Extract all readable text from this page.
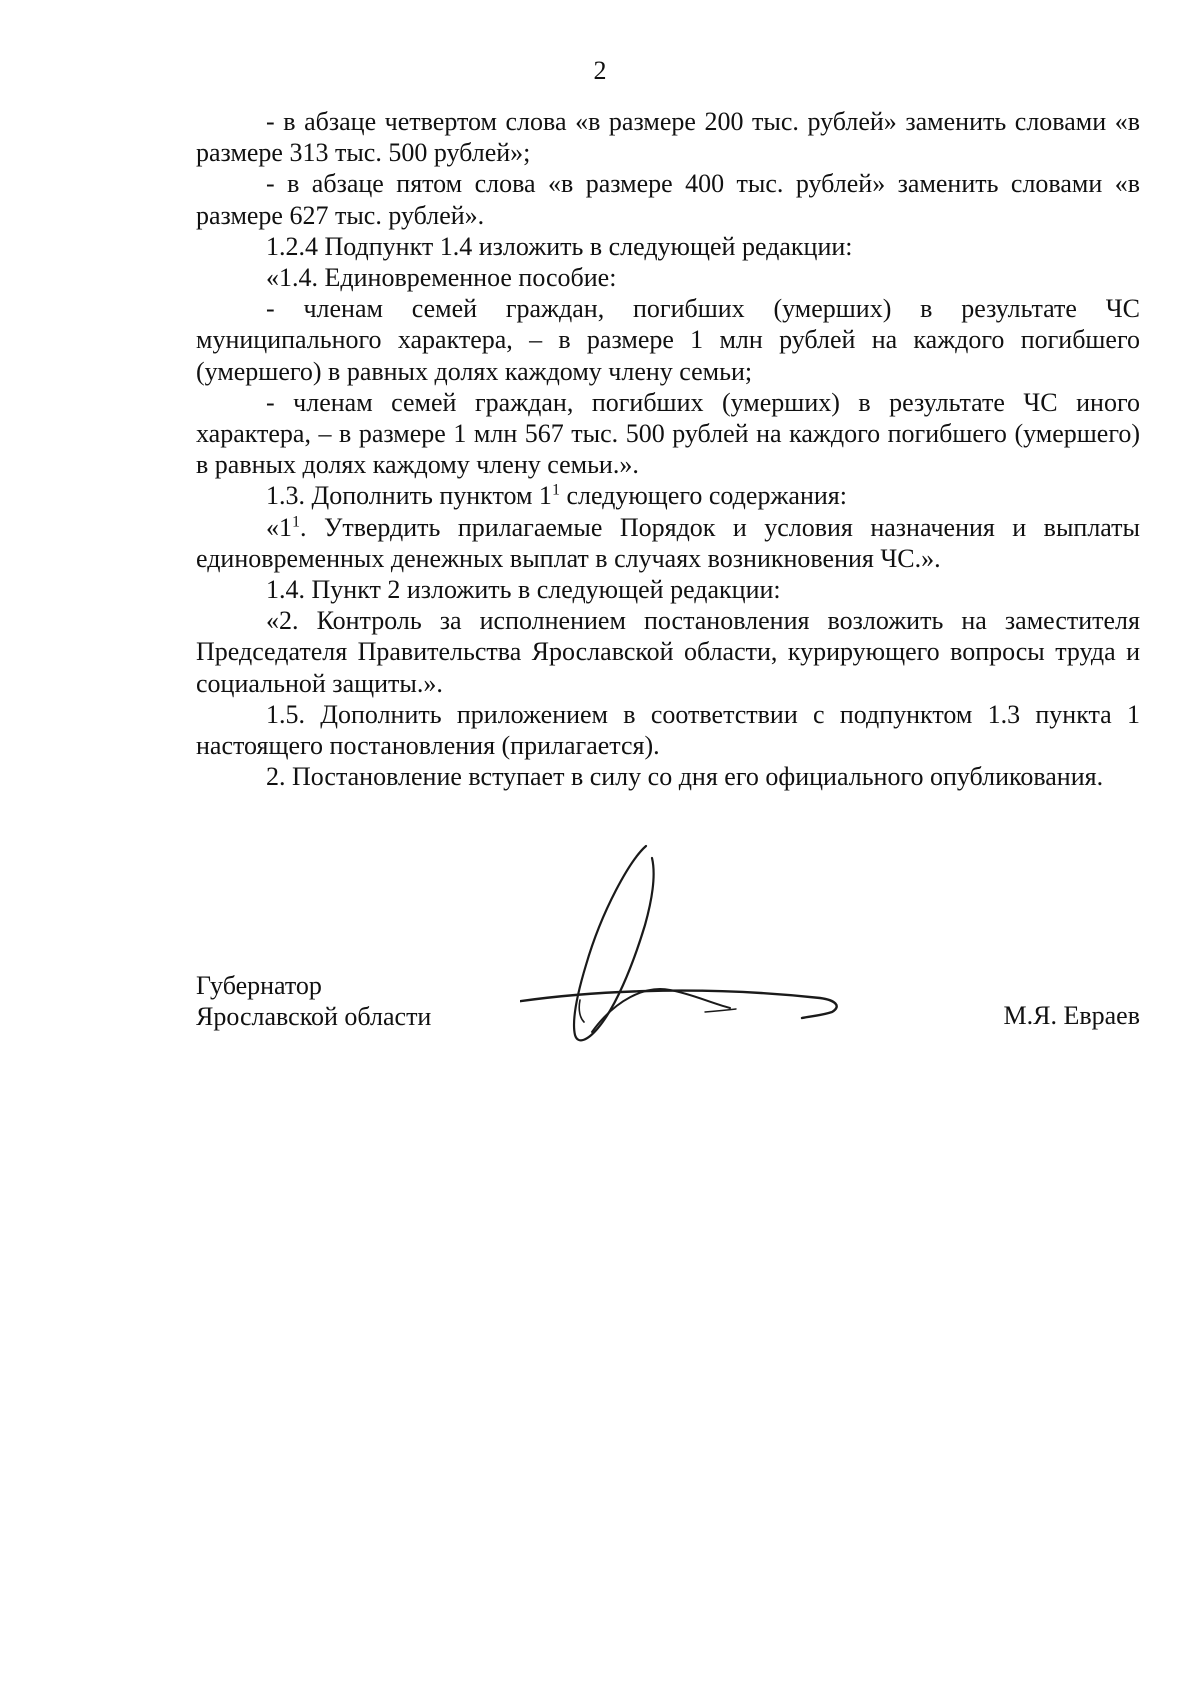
2

- в абзаце четвертом слова «в размере 200 тыс. рублей» заменить словами «в размере 313 тыс. 500 рублей»;

- в абзаце пятом слова «в размере 400 тыс. рублей» заменить словами «в размере 627 тыс. рублей».

1.2.4 Подпункт 1.4 изложить в следующей редакции:

«1.4. Единовременное пособие:

- членам семей граждан, погибших (умерших) в результате ЧС муниципального характера, – в размере 1 млн рублей на каждого погибшего (умершего) в равных долях каждому члену семьи;

- членам семей граждан, погибших (умерших) в результате ЧС иного характера, – в размере 1 млн 567 тыс. 500 рублей на каждого погибшего (умершего) в равных долях каждому члену семьи.».

1.3. Дополнить пунктом $1^1$ следующего содержания:

«$1^1$. Утвердить прилагаемые Порядок и условия назначения и выплаты единовременных денежных выплат в случаях возникновения ЧС.».

1.4. Пункт 2 изложить в следующей редакции:

«2. Контроль за исполнением постановления возложить на заместителя Председателя Правительства Ярославской области, курирующего вопросы труда и социальной защиты.».

1.5. Дополнить приложением в соответствии с подпунктом 1.3 пункта 1 настоящего постановления (прилагается).

2. Постановление вступает в силу со дня его официального опубликования.

Губернатор
Ярославской области	М.Я. Евраев
